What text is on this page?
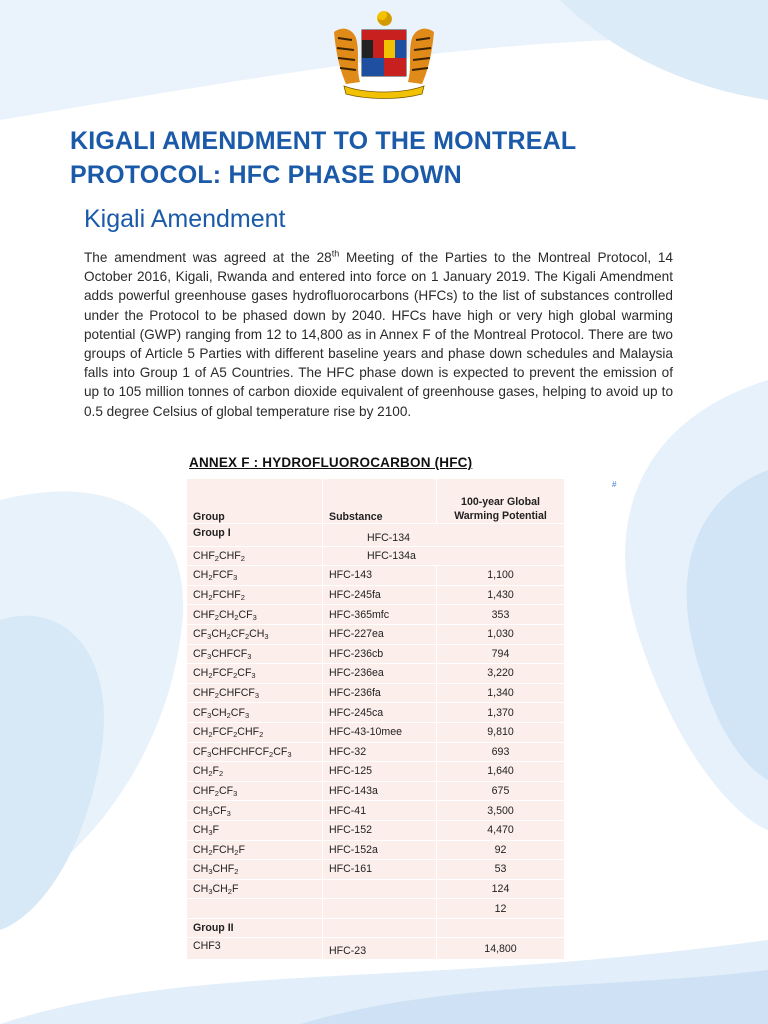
KIGALI AMENDMENT TO THE MONTREAL PROTOCOL: HFC PHASE DOWN
Kigali Amendment
The amendment was agreed at the 28th Meeting of the Parties to the Montreal Protocol, 14 October 2016, Kigali, Rwanda and entered into force on 1 January 2019. The Kigali Amendment adds powerful greenhouse gases hydrofluorocarbons (HFCs) to the list of substances controlled under the Protocol to be phased down by 2040. HFCs have high or very high global warming potential (GWP) ranging from 12 to 14,800 as in Annex F of the Montreal Protocol. There are two groups of Article 5 Parties with different baseline years and phase down schedules and Malaysia falls into Group 1 of A5 Countries. The HFC phase down is expected to prevent the emission of up to 105 million tonnes of carbon dioxide equivalent of greenhouse gases, helping to avoid up to 0.5 degree Celsius of global temperature rise by 2100.
ANNEX F : HYDROFLUOROCARBON (HFC)
#
Group	Substance	100-year Global Warming Potential
Group I	HFC-134	
$CHF_2CHF_2$	HFC-134a	
$CH_2FCF_3$	HFC-143	1,100
$CH_2FCHF_2$	HFC-245fa	1,430
$CHF_2CH_2CF_3$	HFC-365mfc	353
$CF_3CH_2CF_2CH_3$	HFC-227ea	1,030
$CF_3CHFCF_3$	HFC-236cb	794
$CH_2FCF_2CF_3$	HFC-236ea	3,220
$CHF_2CHFCF_3$	HFC-236fa	1,340
$CF_3CH_2CF_3$	HFC-245ca	1,370
$CH_2FCF_2CHF_2$	HFC-43-10mee	9,810
$CF_3CHFCHFCF_2CF_3$	HFC-32	693
$CH_2F_2$	HFC-125	1,640
$CHF_2CF_3$	HFC-143a	675
$CH_3CF_3$	HFC-41	3,500
$CH_3F$	HFC-152	4,470
$CH_2FCH_2F$	HFC-152a	92
$CH_3CHF_2$	HFC-161	53
$CH_3CH_2F$		124
		12
Group II		
CHF3	HFC-23	14,800
